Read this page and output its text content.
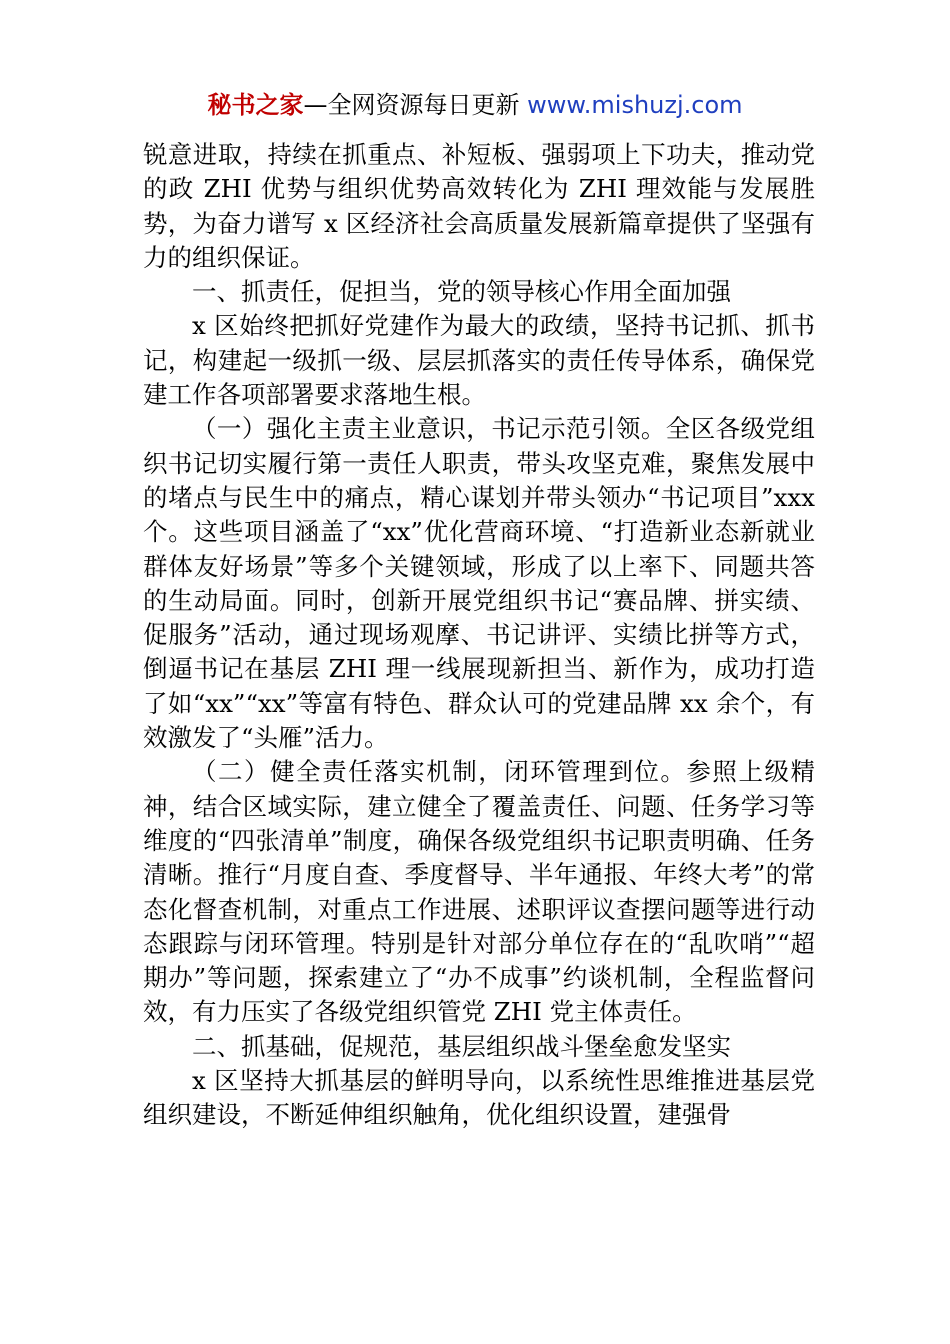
秘书之家—全网资源每日更新 www.mishuzj.com

锐意进取，持续在抓重点、补短板、强弱项上下功夫，推动党的政 ZHI 优势与组织优势高效转化为 ZHI 理效能与发展胜势，为奋力谱写 x 区经济社会高质量发展新篇章提供了坚强有力的组织保证。

一、抓责任，促担当，党的领导核心作用全面加强

x 区始终把抓好党建作为最大的政绩，坚持书记抓、抓书记，构建起一级抓一级、层层抓落实的责任传导体系，确保党建工作各项部署要求落地生根。

（一）强化主责主业意识，书记示范引领。全区各级党组织书记切实履行第一责任人职责，带头攻坚克难，聚焦发展中的堵点与民生中的痛点，精心谋划并带头领办“书记项目”xxx 个。这些项目涵盖了“xx”优化营商环境、“打造新业态新就业群体友好场景”等多个关键领域，形成了以上率下、同题共答的生动局面。同时，创新开展党组织书记“赛品牌、拼实绩、促服务”活动，通过现场观摩、书记讲评、实绩比拼等方式，倒逼书记在基层 ZHI 理一线展现新担当、新作为，成功打造了如“xx”“xx”等富有特色、群众认可的党建品牌 xx 余个，有效激发了“头雁”活力。

（二）健全责任落实机制，闭环管理到位。参照上级精神，结合区域实际，建立健全了覆盖责任、问题、任务学习等维度的“四张清单”制度，确保各级党组织书记职责明确、任务清晰。推行“月度自查、季度督导、半年通报、年终大考”的常态化督查机制，对重点工作进展、述职评议查摆问题等进行动态跟踪与闭环管理。特别是针对部分单位存在的“乱吹哨”“超期办”等问题，探索建立了“办不成事”约谈机制，全程监督问效，有力压实了各级党组织管党 ZHI 党主体责任。

二、抓基础，促规范，基层组织战斗堡垒愈发坚实

x 区坚持大抓基层的鲜明导向，以系统性思维推进基层党组织建设，不断延伸组织触角，优化组织设置，建强骨
